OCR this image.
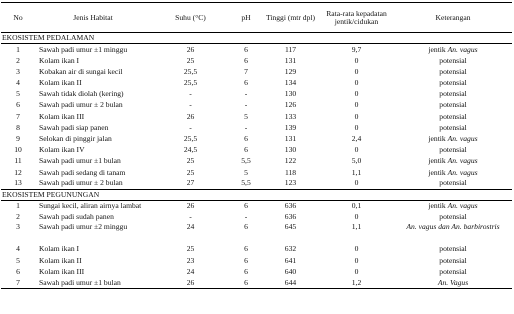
No	Jenis Habitat	Suhu (°C)	pH	Tinggi (mtr dpl)	Rata-rata kepadatan jentik/cidukan	Keterangan
EKOSISTEM PEDALAMAN						
1	Sawah padi umur ±1 minggu	26	6	117	9,7	jentik An. vagus
2	Kolam ikan I	25	6	131	0	potensial
3	Kobakan air di sungai kecil	25,5	7	129	0	potensial
4	Kolam ikan II	25,5	6	134	0	potensial
5	Sawah tidak diolah (kering)	-	-	130	0	potensial
6	Sawah padi umur ± 2 bulan	-	-	126	0	potensial
7	Kolam ikan III	26	5	133	0	potensial
8	Sawah padi siap panen	-	-	139	0	potensial
9	Selokan di pinggir jalan	25,5	6	131	2,4	jentik An. vagus
10	Kolam ikan IV	24,5	6	130	0	potensial
11	Sawah padi umur ±1 bulan	25	5,5	122	5,0	jentik An. vagus
12	Sawah padi sedang di tanam	25	5	118	1,1	jentik An. vagus
13	Sawah padi umur ± 2 bulan	27	5,5	123	0	potensial
EKOSISTEM PEGUNUNGAN						
1	Sungai kecil, aliran airnya lambat	26	6	636	0,1	jentik An. vagus
2	Sawah padi sudah panen	-	-	636	0	potensial
3	Sawah padi umur ±2 minggu	24	6	645	1,1	An. vagus dan An. barbirostris
4	Kolam ikan I	25	6	632	0	potensial
5	Kolam ikan II	23	6	641	0	potensial
6	Kolam ikan III	24	6	640	0	potensial
7	Sawah padi umur ±1 bulan	26	6	644	1,2	An. Vagus
